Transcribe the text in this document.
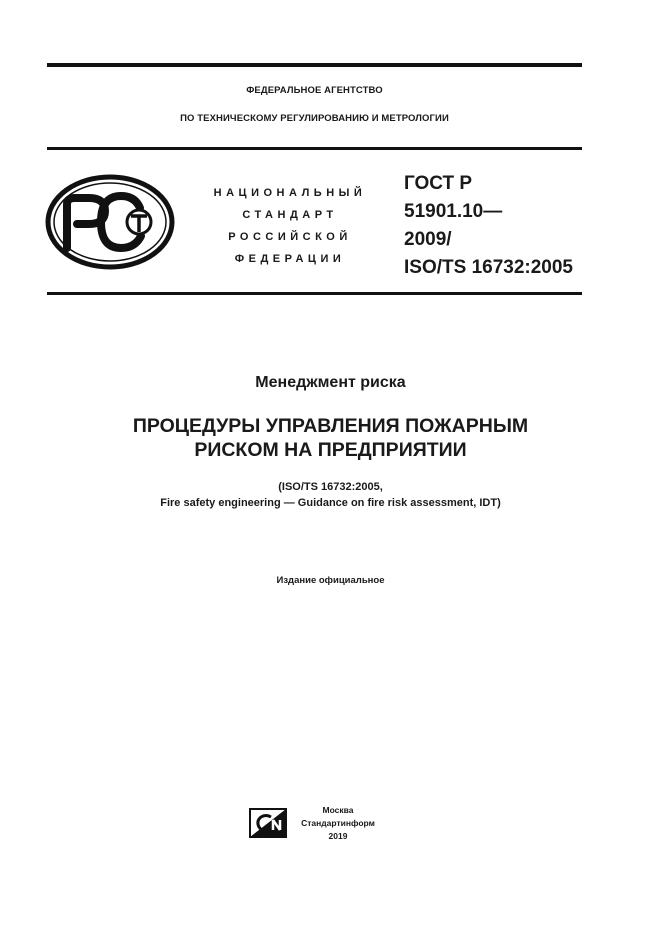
ФЕДЕРАЛЬНОЕ АГЕНТСТВО
ПО ТЕХНИЧЕСКОМУ РЕГУЛИРОВАНИЮ И МЕТРОЛОГИИ
НАЦИОНАЛЬНЫЙ
СТАНДАРТ
РОССИЙСКОЙ
ФЕДЕРАЦИИ
ГОСТ Р
51901.10—
2009/
ISO/TS 16732:2005
Менеджмент риска
ПРОЦЕДУРЫ УПРАВЛЕНИЯ ПОЖАРНЫМ
РИСКОМ НА ПРЕДПРИЯТИИ
(ISO/TS 16732:2005,
Fire safety engineering — Guidance on fire risk assessment, IDT)
Издание официальное
Москва
Стандартинформ
2019
